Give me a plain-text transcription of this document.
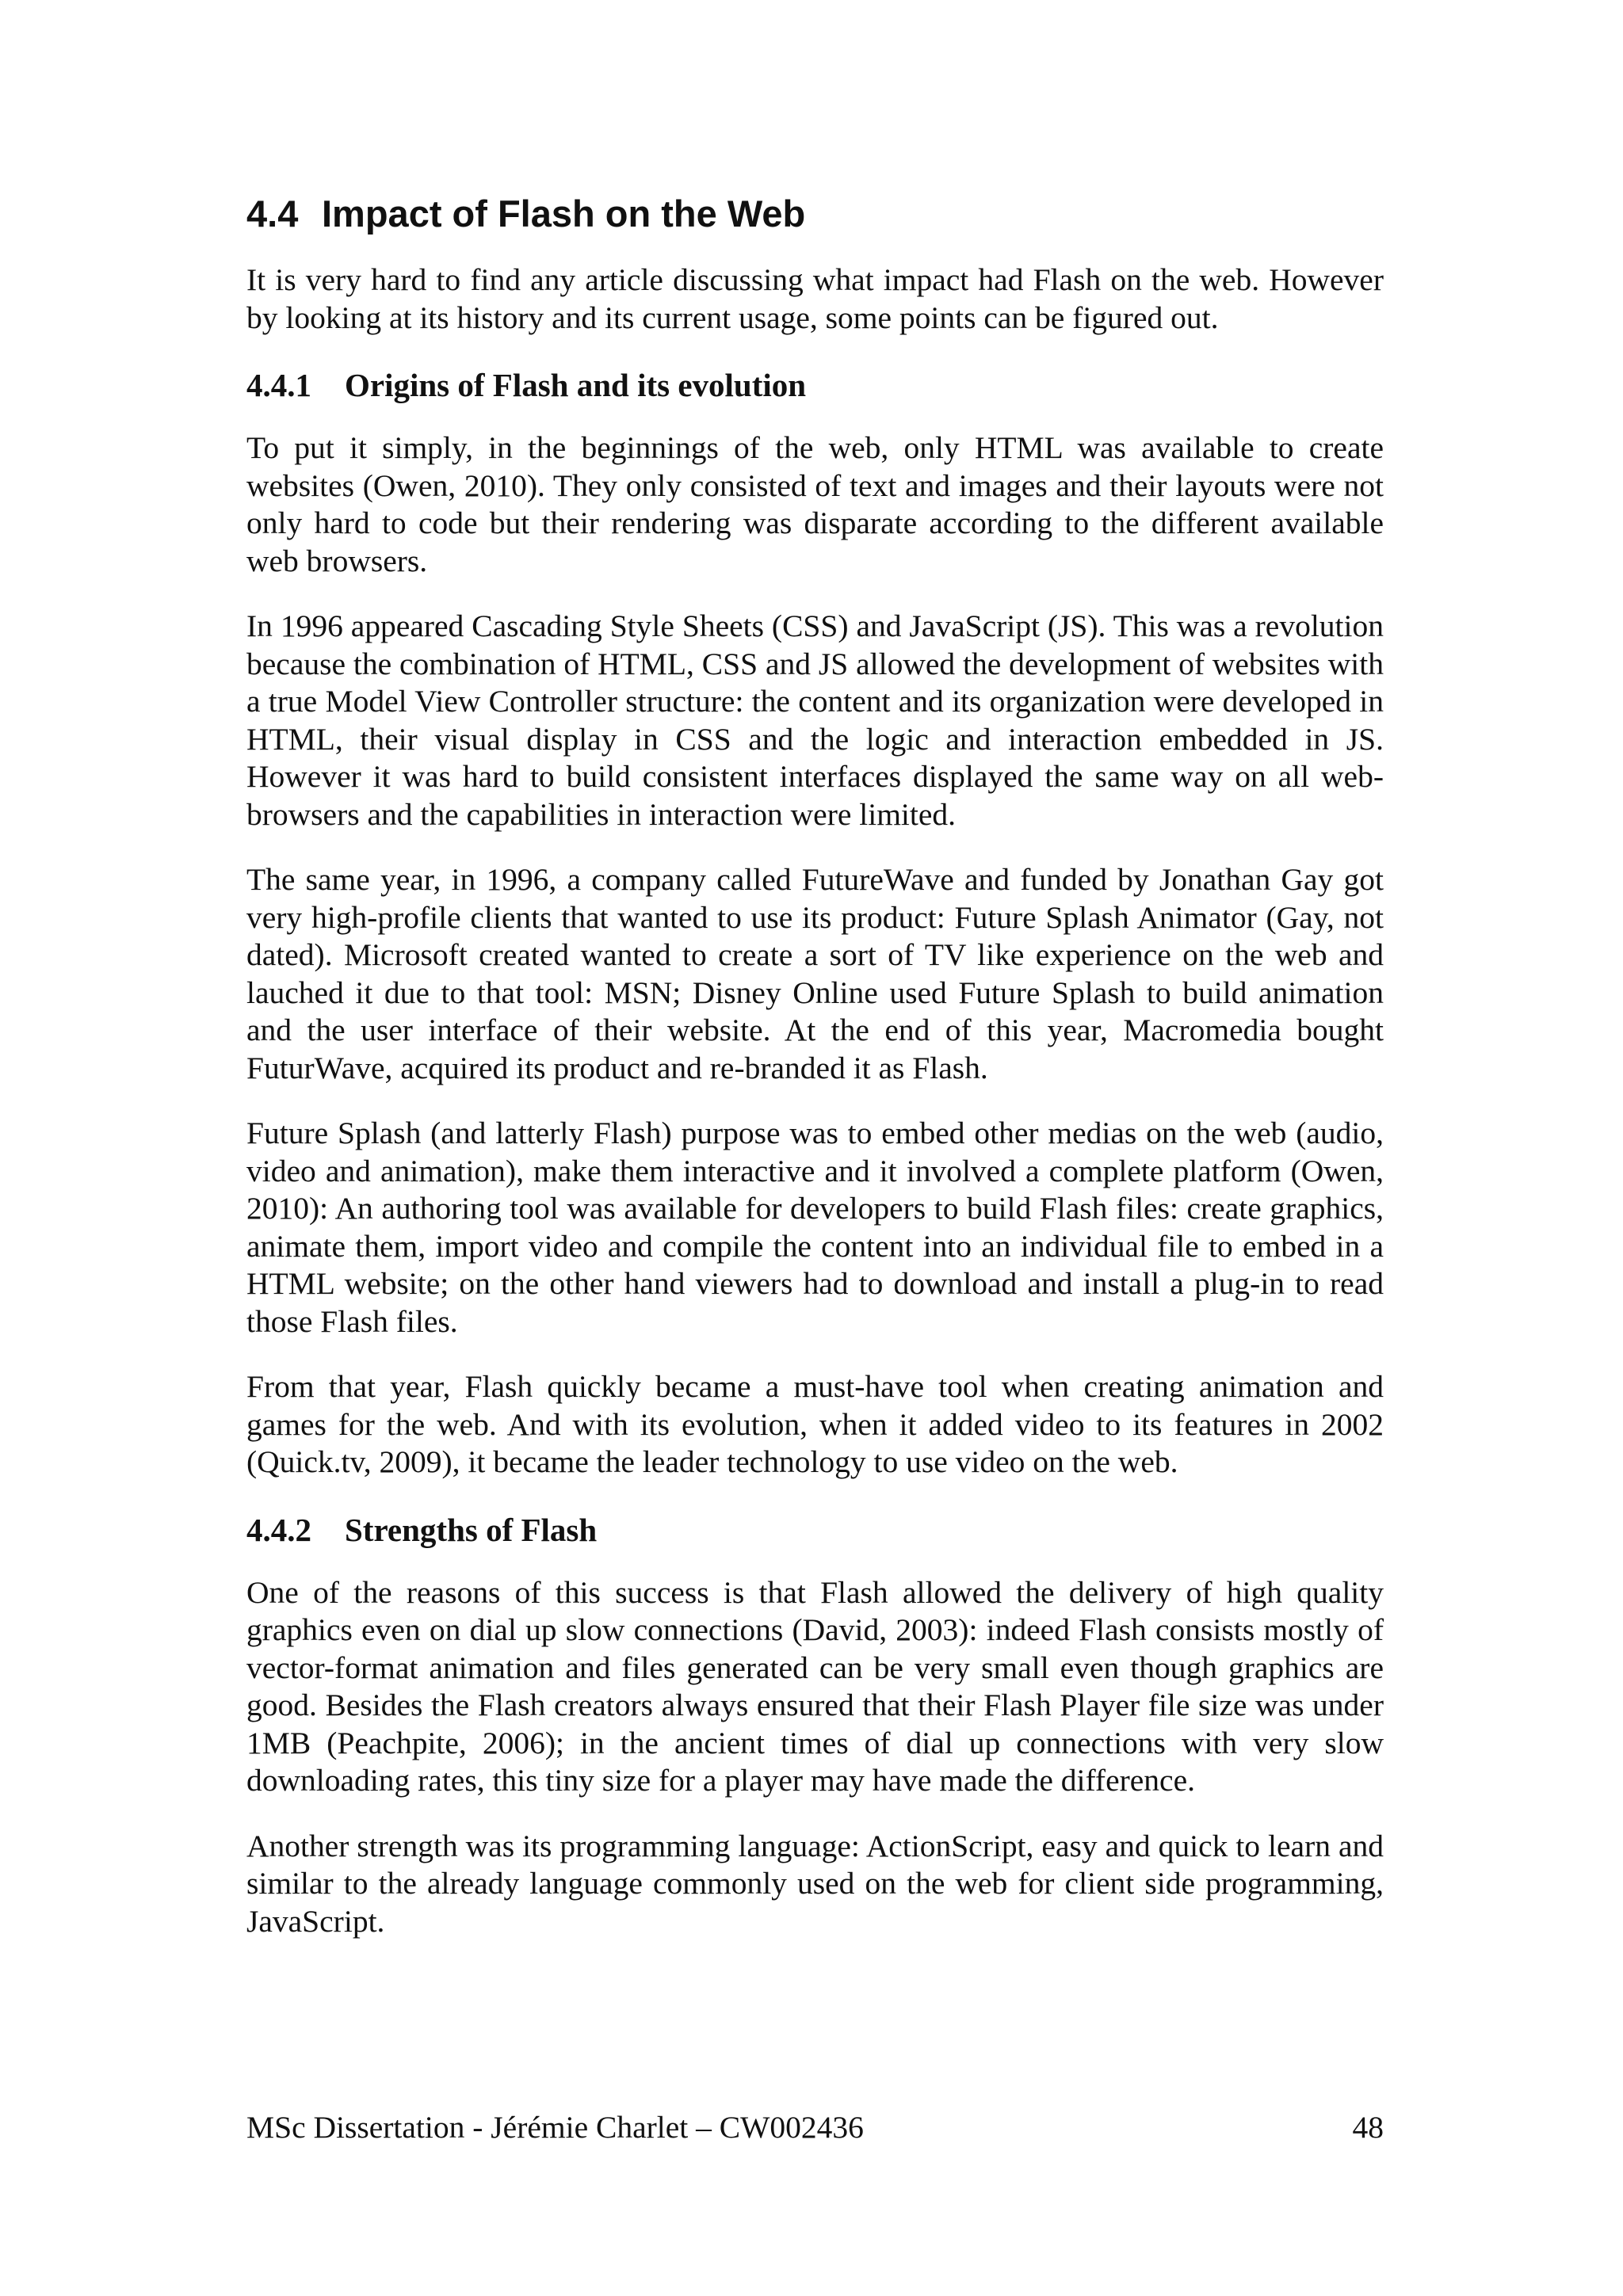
4.4 Impact of Flash on the Web

It is very hard to find any article discussing what impact had Flash on the web. However by looking at its history and its current usage, some points can be figured out.

4.4.1 Origins of Flash and its evolution

To put it simply, in the beginnings of the web, only HTML was available to create websites (Owen, 2010). They only consisted of text and images and their layouts were not only hard to code but their rendering was disparate according to the different available web browsers.

In 1996 appeared Cascading Style Sheets (CSS) and JavaScript (JS). This was a revolution because the combination of HTML, CSS and JS allowed the development of websites with a true Model View Controller structure: the content and its organization were developed in HTML, their visual display in CSS and the logic and interaction embedded in JS. However it was hard to build consistent interfaces displayed the same way on all web-browsers and the capabilities in interaction were limited.

The same year, in 1996, a company called FutureWave and funded by Jonathan Gay got very high-profile clients that wanted to use its product: Future Splash Animator (Gay, not dated). Microsoft created wanted to create a sort of TV like experience on the web and lauched it due to that tool: MSN; Disney Online used Future Splash to build animation and the user interface of their website. At the end of this year, Macromedia bought FuturWave, acquired its product and re-branded it as Flash.

Future Splash (and latterly Flash) purpose was to embed other medias on the web (audio, video and animation), make them interactive and it involved a complete platform (Owen, 2010): An authoring tool was available for developers to build Flash files: create graphics, animate them, import video and compile the content into an individual file to embed in a HTML website; on the other hand viewers had to download and install a plug-in to read those Flash files.

From that year, Flash quickly became a must-have tool when creating animation and games for the web. And with its evolution, when it added video to its features in 2002 (Quick.tv, 2009), it became the leader technology to use video on the web.

4.4.2 Strengths of Flash

One of the reasons of this success is that Flash allowed the delivery of high quality graphics even on dial up slow connections (David, 2003): indeed Flash consists mostly of vector-format animation and files generated can be very small even though graphics are good. Besides the Flash creators always ensured that their Flash Player file size was under 1MB (Peachpite, 2006); in the ancient times of dial up connections with very slow downloading rates, this tiny size for a player may have made the difference.

Another strength was its programming language: ActionScript, easy and quick to learn and similar to the already language commonly used on the web for client side programming, JavaScript.

MSc Dissertation - Jérémie Charlet – CW002436	48
